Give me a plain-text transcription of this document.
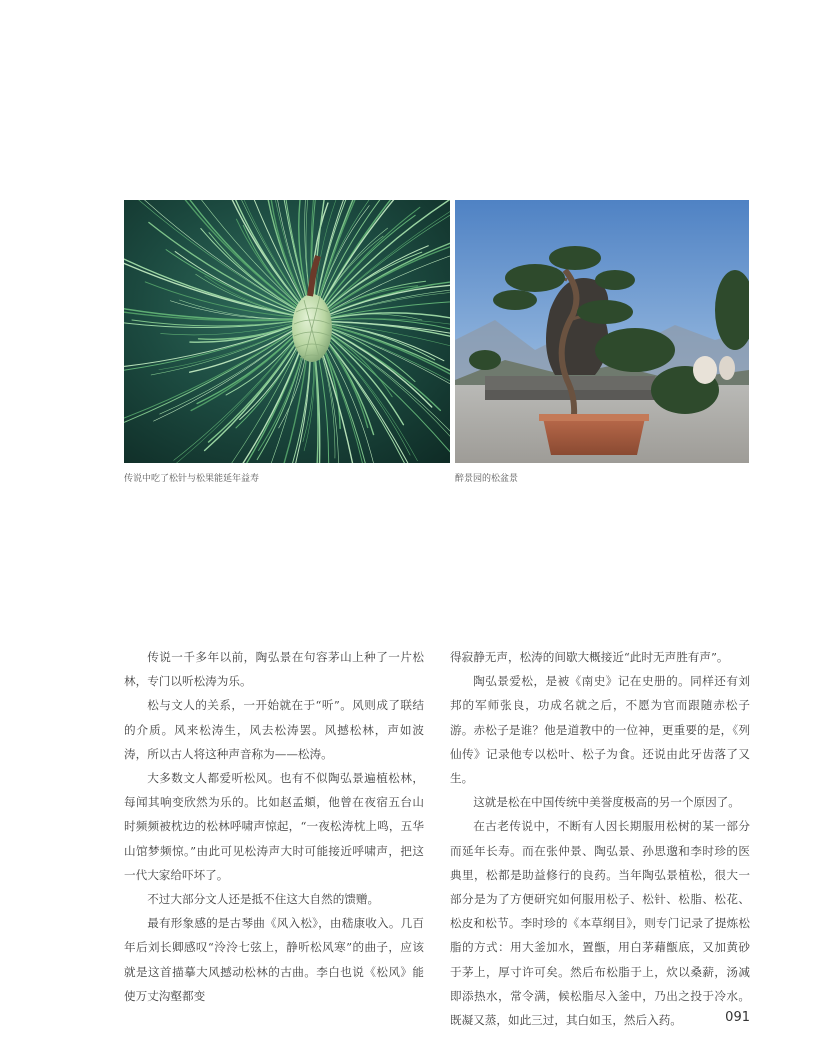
传说中吃了松针与松果能延年益寿	醉景园的松盆景

传说一千多年以前，陶弘景在句容茅山上种了一片松林，专门以听松涛为乐。

松与文人的关系，一开始就在于“听”。风则成了联结的介质。风来松涛生，风去松涛罢。风撼松林，声如波涛，所以古人将这种声音称为——松涛。

大多数文人都爱听松风。也有不似陶弘景遍植松林，每闻其响变欣然为乐的。比如赵孟頫，他曾在夜宿五台山时频频被枕边的松林呼啸声惊起，“一夜松涛枕上鸣，五华山馆梦频惊。”由此可见松涛声大时可能接近呼啸声，把这一代大家给吓坏了。

不过大部分文人还是抵不住这大自然的馈赠。

最有形象感的是古琴曲《风入松》，由嵇康收入。几百年后刘长卿感叹“泠泠七弦上，静听松风寒”的曲子，应该就是这首描摹大风撼动松林的古曲。李白也说《松风》能使万丈沟壑都变

得寂静无声，松涛的间歇大概接近“此时无声胜有声”。

陶弘景爱松，是被《南史》记在史册的。同样还有刘邦的军师张良，功成名就之后，不愿为官而跟随赤松子游。赤松子是谁？他是道教中的一位神，更重要的是，《列仙传》记录他专以松叶、松子为食。还说由此牙齿落了又生。

这就是松在中国传统中美誉度极高的另一个原因了。

在古老传说中，不断有人因长期服用松树的某一部分而延年长寿。而在张仲景、陶弘景、孙思邈和李时珍的医典里，松都是助益修行的良药。当年陶弘景植松，很大一部分是为了方便研究如何服用松子、松针、松脂、松花、松皮和松节。李时珍的《本草纲目》，则专门记录了提炼松脂的方式：用大釜加水，置甑，用白茅藉甑底，又加黄砂于茅上，厚寸许可矣。然后布松脂于上，炊以桑薪，汤减即添热水，常令满，候松脂尽入釜中，乃出之投于冷水。既凝又蒸，如此三过，其白如玉，然后入药。	091
